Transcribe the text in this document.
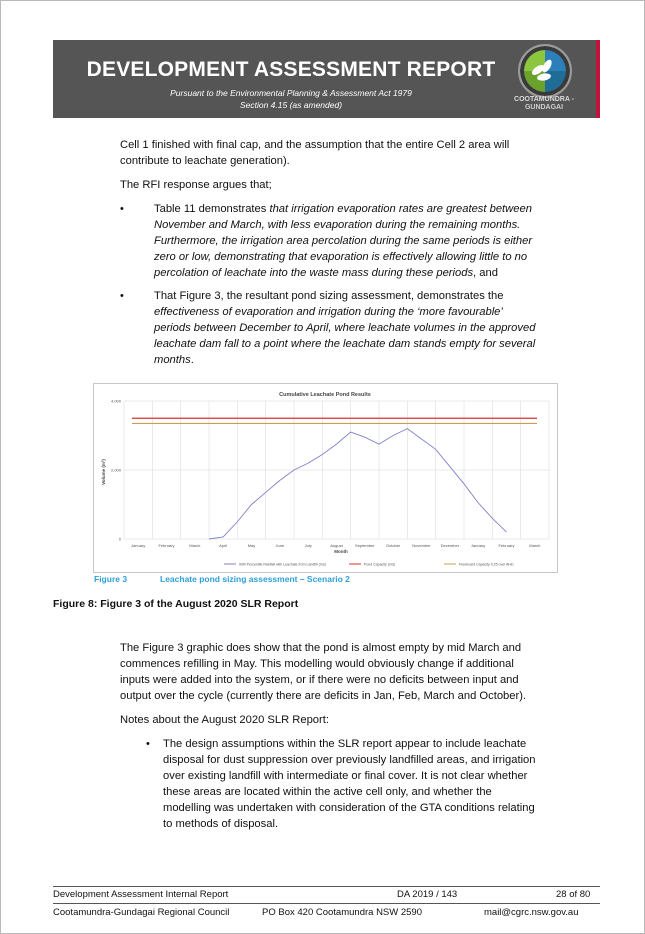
DEVELOPMENT ASSESSMENT REPORT
Pursuant to the Environmental Planning & Assessment Act 1979
Section 4.15 (as amended)
COOTAMUNDRA -
GUNDAGAI
Cell 1 finished with final cap, and the assumption that the entire Cell 2 area will
contribute to leachate generation).
The RFI response argues that;
•	Table 11 demonstrates that irrigation evaporation rates are greatest between
November and March, with less evaporation during the remaining months.
Furthermore, the irrigation area percolation during the same periods is either
zero or low, demonstrating that evaporation is effectively allowing little to no
percolation of leachate into the waste mass during these periods, and
•	That Figure 3, the resultant pond sizing assessment, demonstrates the
effectiveness of evaporation and irrigation during the ‘more favourable’
periods between December to April, where leachate volumes in the approved
leachate dam fall to a point where the leachate dam stands empty for several
months.
Cumulative Leachate Pond Results
Volume (m³)
Month
0
2,000
4,000
January	February	March	April	May	June	July	August	September	October	November December	January	February	March
90th Percentile Rainfall with Leachate from Landfill (m3)	Pond Capacity (m3)	Freeboard Capacity 0.25 over AHD
Figure 3	Leachate pond sizing assessment – Scenario 2
Figure 8: Figure 3 of the August 2020 SLR Report
The Figure 3 graphic does show that the pond is almost empty by mid March and
commences refilling in May. This modelling would obviously change if additional
inputs were added into the system, or if there were no deficits between input and
output over the cycle (currently there are deficits in Jan, Feb, March and October).
Notes about the August 2020 SLR Report:
• The design assumptions within the SLR report appear to include leachate
disposal for dust suppression over previously landfilled areas, and irrigation
over existing landfill with intermediate or final cover. It is not clear whether
these areas are located within the active cell only, and whether the
modelling was undertaken with consideration of the GTA conditions relating
to methods of disposal.
Development Assessment Internal Report	DA 2019 / 143	28 of 80
Cootamundra-Gundagai Regional Council	PO Box 420 Cootamundra NSW 2590	mail@cgrc.nsw.gov.au
